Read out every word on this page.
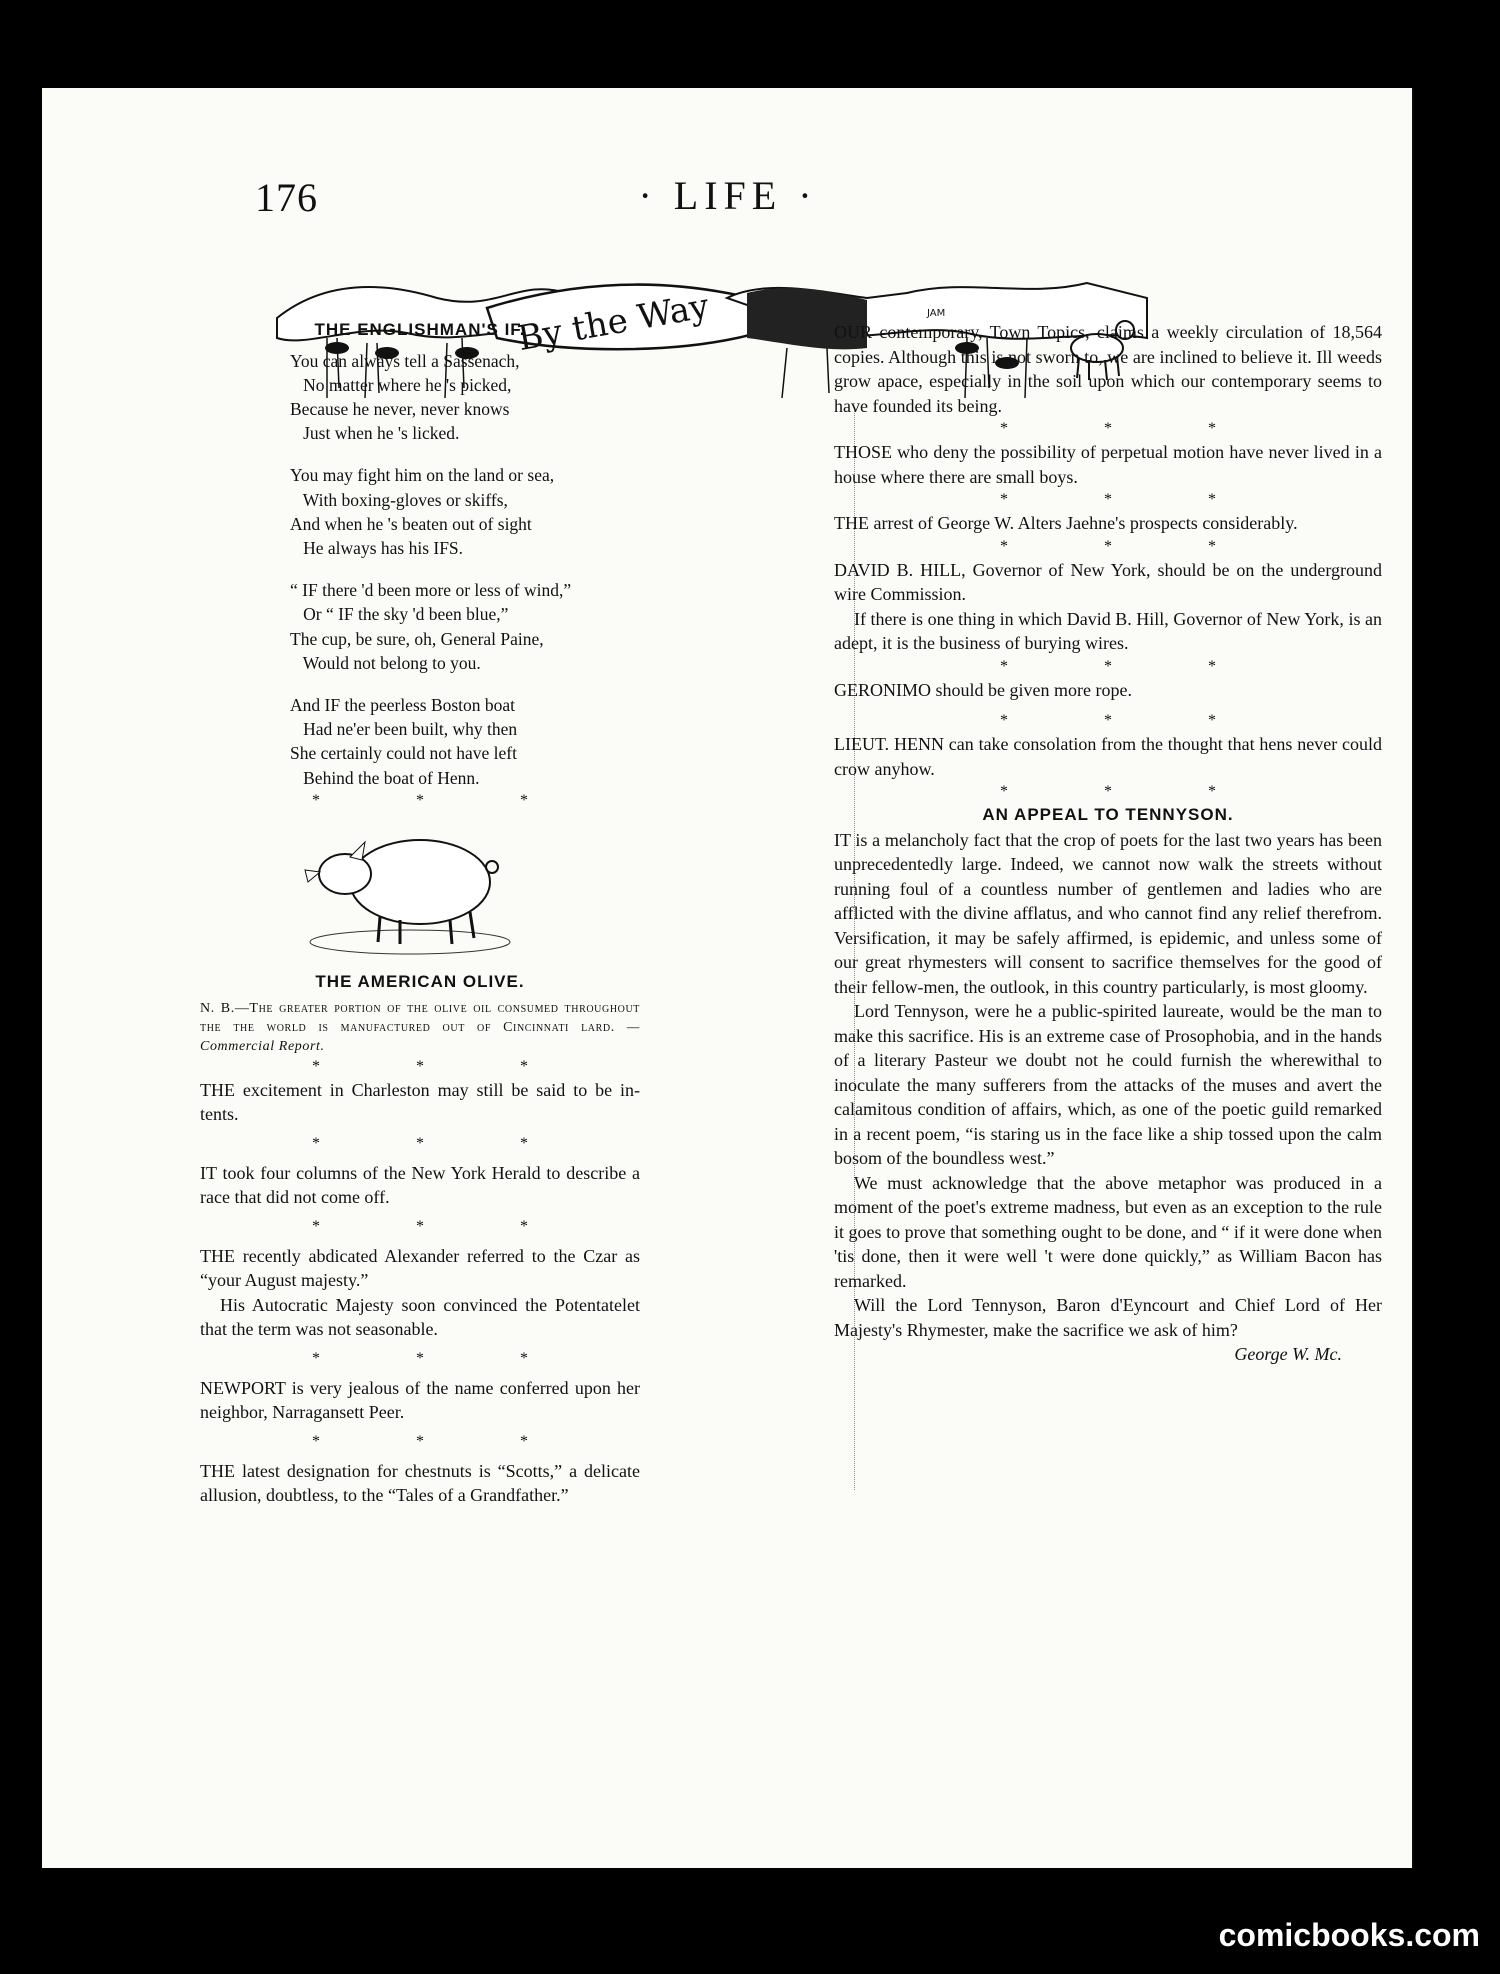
176	· LIFE ·
By the Way	JAM
THE ENGLISHMAN'S IF.
You can always tell a Sassenach,
No matter where he 's picked,
Because he never, never knows
Just when he 's licked.
You may fight him on the land or sea,
With boxing-gloves or skiffs,
And when he 's beaten out of sight
He always has his IFS.
“ IF there 'd been more or less of wind,”
Or “ IF the sky 'd been blue,”
The cup, be sure, oh, General Paine,
Would not belong to you.
And IF the peerless Boston boat
Had ne'er been built, why then
She certainly could not have left
Behind the boat of Henn.
* * *
THE AMERICAN OLIVE.
N. B.—The greater portion of the olive oil consumed throughout the the world is manufactured out of Cincinnati lard. —Commercial Report.
* * *
THE excitement in Charleston may still be said to be in-tents.
* * *
IT took four columns of the New York Herald to describe a race that did not come off.
* * *
THE recently abdicated Alexander referred to the Czar as “your August majesty.”
His Autocratic Majesty soon convinced the Potentatelet that the term was not seasonable.
* * *
NEWPORT is very jealous of the name conferred upon her neighbor, Narragansett Peer.
* * *
THE latest designation for chestnuts is “Scotts,” a delicate allusion, doubtless, to the “Tales of a Grandfather.”
OUR contemporary, Town Topics, claims a weekly circulation of 18,564 copies. Although this is not sworn to, we are inclined to believe it. Ill weeds grow apace, especially in the soil upon which our contemporary seems to have founded its being.
* * *
THOSE who deny the possibility of perpetual motion have never lived in a house where there are small boys.
* * *
THE arrest of George W. Alters Jaehne's prospects considerably.
* * *
DAVID B. HILL, Governor of New York, should be on the underground wire Commission.
If there is one thing in which David B. Hill, Governor of New York, is an adept, it is the business of burying wires.
* * *
GERONIMO should be given more rope.
* * *
LIEUT. HENN can take consolation from the thought that hens never could crow anyhow.
* * *
AN APPEAL TO TENNYSON.
IT is a melancholy fact that the crop of poets for the last two years has been unprecedentedly large. Indeed, we cannot now walk the streets without running foul of a countless number of gentlemen and ladies who are afflicted with the divine afflatus, and who cannot find any relief therefrom. Versification, it may be safely affirmed, is epidemic, and unless some of our great rhymesters will consent to sacrifice themselves for the good of their fellow-men, the outlook, in this country particularly, is most gloomy.
Lord Tennyson, were he a public-spirited laureate, would be the man to make this sacrifice. His is an extreme case of Prosophobia, and in the hands of a literary Pasteur we doubt not he could furnish the wherewithal to inoculate the many sufferers from the attacks of the muses and avert the calamitous condition of affairs, which, as one of the poetic guild remarked in a recent poem, “is staring us in the face like a ship tossed upon the calm bosom of the boundless west.”
We must acknowledge that the above metaphor was produced in a moment of the poet's extreme madness, but even as an exception to the rule it goes to prove that something ought to be done, and “ if it were done when 'tis done, then it were well 't were done quickly,” as William Bacon has remarked.
Will the Lord Tennyson, Baron d'Eyncourt and Chief Lord of Her Majesty's Rhymester, make the sacrifice we ask of him?
George W. Mc.
comicbooks.com
